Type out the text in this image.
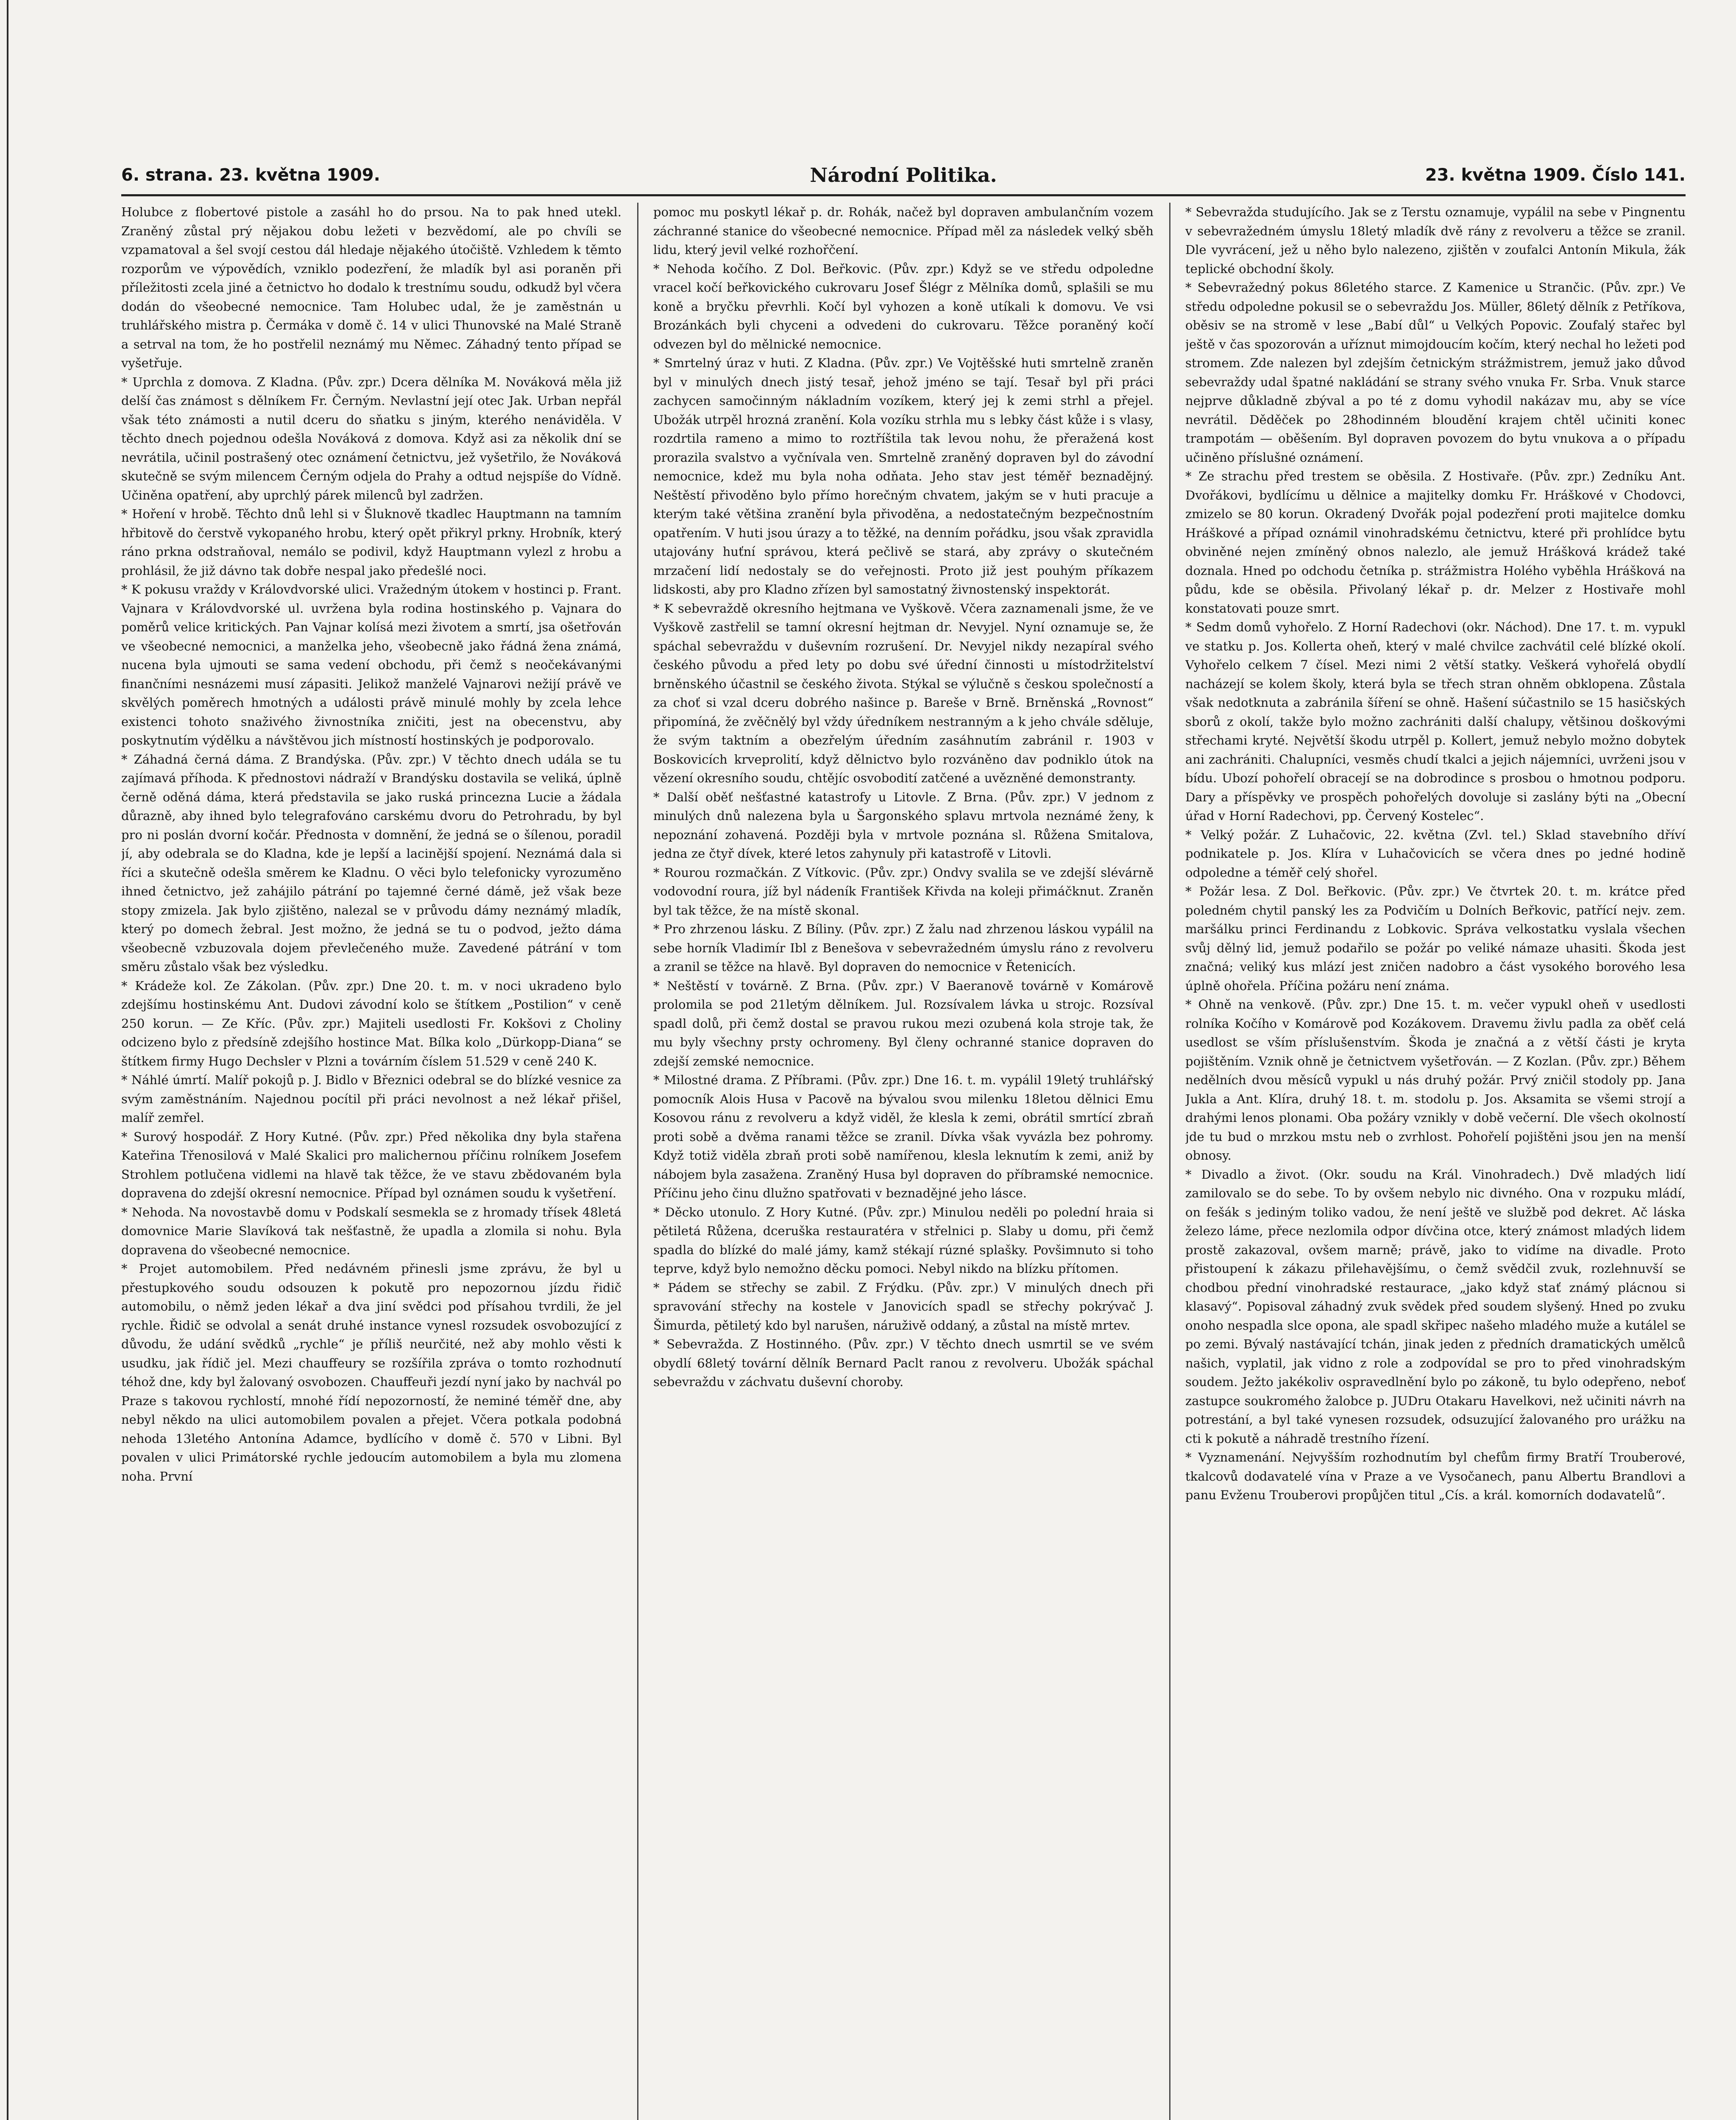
6. strana. 23. května 1909.	Národní Politika.	23. května 1909. Číslo 141.

Holubce z flobertové pistole a zasáhl ho do prsou. Na to pak hned utekl. Zraněný zůstal prý nějakou dobu ležeti v bezvědomí, ale po chvíli se vzpamatoval a šel svojí cestou dál hledaje nějakého útočiště. Vzhledem k těmto rozporům ve výpovědích, vzniklo podezření, že mladík byl asi poraněn při příležitosti zcela jiné a četnictvo ho dodalo k trestnímu soudu, odkudž byl včera dodán do všeobecné nemocnice. Tam Holubec udal, že je zaměstnán u truhlářského mistra p. Čermáka v domě č. 14 v ulici Thunovské na Malé Straně a setrval na tom, že ho postřelil neznámý mu Němec. Záhadný tento případ se vyšetřuje.

* Uprchla z domova. Z Kladna. (Pův. zpr.) Dcera dělníka M. Nováková měla již delší čas známost s dělníkem Fr. Černým. Nevlastní její otec Jak. Urban nepřál však této známosti a nutil dceru do sňatku s jiným, kterého nenáviděla. V těchto dnech pojednou odešla Nováková z domova. Když asi za několik dní se nevrátila, učinil postrašený otec oznámení četnictvu, jež vyšetřilo, že Nováková skutečně se svým milencem Černým odjela do Prahy a odtud nejspíše do Vídně. Učiněna opatření, aby uprchlý párek milenců byl zadržen.

* Hoření v hrobě. Těchto dnů lehl si v Šluknově tkadlec Hauptmann na tamním hřbitově do čerstvě vykopaného hrobu, který opět přikryl prkny. Hrobník, který ráno prkna odstraňoval, nemálo se podivil, když Hauptmann vylezl z hrobu a prohlásil, že již dávno tak dobře nespal jako předešlé noci.

* K pokusu vraždy v Královdvorské ulici. Vražedným útokem v hostinci p. Frant. Vajnara v Královdvorské ul. uvržena byla rodina hostinského p. Vajnara do poměrů velice kritických. Pan Vajnar kolísá mezi životem a smrtí, jsa ošetřován ve všeobecné nemocnici, a manželka jeho, všeobecně jako řádná žena známá, nucena byla ujmouti se sama vedení obchodu, při čemž s neočekávanými finančními nesnázemi musí zápasiti. Jelikož manželé Vajnarovi nežijí právě ve skvělých poměrech hmotných a události právě minulé mohly by zcela lehce existenci tohoto snaživého živnostníka zničiti, jest na obecenstvu, aby poskytnutím výdělku a návštěvou jich místností hostinských je podporovalo.

* Záhadná černá dáma. Z Brandýska. (Pův. zpr.) V těchto dnech udála se tu zajímavá příhoda. K přednostovi nádraží v Brandýsku dostavila se veliká, úplně černě oděná dáma, která představila se jako ruská princezna Lucie a žádala důrazně, aby ihned bylo telegrafováno carskému dvoru do Petrohradu, by byl pro ni poslán dvorní kočár. Přednosta v domnění, že jedná se o šílenou, poradil jí, aby odebrala se do Kladna, kde je lepší a lacinější spojení. Neznámá dala si říci a skutečně odešla směrem ke Kladnu. O věci bylo telefonicky vyrozuměno ihned četnictvo, jež zahájilo pátrání po tajemné černé dámě, jež však beze stopy zmizela. Jak bylo zjištěno, nalezal se v průvodu dámy neznámý mladík, který po domech žebral. Jest možno, že jedná se tu o podvod, ježto dáma všeobecně vzbuzovala dojem převlečeného muže. Zavedené pátrání v tom směru zůstalo však bez výsledku.

* Krádeže kol. Ze Zákolan. (Pův. zpr.) Dne 20. t. m. v noci ukradeno bylo zdejšímu hostinskému Ant. Dudovi závodní kolo se štítkem „Postilion“ v ceně 250 korun. — Ze Kříc. (Pův. zpr.) Majiteli usedlosti Fr. Kokšovi z Choliny odcizeno bylo z předsíně zdejšího hostince Mat. Bílka kolo „Dürkopp-Diana“ se štítkem firmy Hugo Dechsler v Plzni a továrním číslem 51.529 v ceně 240 K.

* Náhlé úmrtí. Malíř pokojů p. J. Bidlo v Březnici odebral se do blízké vesnice za svým zaměstnáním. Najednou pocítil při práci nevolnost a než lékař přišel, malíř zemřel.

* Surový hospodář. Z Hory Kutné. (Pův. zpr.) Před několika dny byla stařena Kateřina Třenosilová v Malé Skalici pro malichernou příčinu rolníkem Josefem Strohlem potlučena vidlemi na hlavě tak těžce, že ve stavu zbědovaném byla dopravena do zdejší okresní nemocnice. Případ byl oznámen soudu k vyšetření.

* Nehoda. Na novostavbě domu v Podskalí sesmekla se z hromady třísek 48letá domovnice Marie Slavíková tak nešťastně, že upadla a zlomila si nohu. Byla dopravena do všeobecné nemocnice.

* Projet automobilem. Před nedávném přinesli jsme zprávu, že byl u přestupkového soudu odsouzen k pokutě pro nepozornou jízdu řidič automobilu, o němž jeden lékař a dva jiní svědci pod přísahou tvrdili, že jel rychle. Řidič se odvolal a senát druhé instance vynesl rozsudek osvobozující z důvodu, že udání svědků „rychle“ je příliš neurčité, než aby mohlo věsti k usudku, jak řídič jel. Mezi chauffeury se rozšířila zpráva o tomto rozhodnutí téhož dne, kdy byl žalovaný osvobozen. Chauffeuři jezdí nyní jako by nachvál po Praze s takovou rychlostí, mnohé řídí nepozorností, že neminé téměř dne, aby nebyl někdo na ulici automobilem povalen a přejet. Včera potkala podobná nehoda 13letého Antonína Adamce, bydlícího v domě č. 570 v Libni. Byl povalen v ulici Primátorské rychle jedoucím automobilem a byla mu zlomena noha. První

pomoc mu poskytl lékař p. dr. Rohák, načež byl dopraven ambulančním vozem záchranné stanice do všeobecné nemocnice. Případ měl za následek velký sběh lidu, který jevil velké rozhořčení.

* Nehoda kočího. Z Dol. Beřkovic. (Pův. zpr.) Když se ve středu odpoledne vracel kočí beřkovického cukrovaru Josef Šlégr z Mělníka domů, splašili se mu koně a bryčku převrhli. Kočí byl vyhozen a koně utíkali k domovu. Ve vsi Brozánkách byli chyceni a odvedeni do cukrovaru. Těžce poraněný kočí odvezen byl do mělnické nemocnice.

* Smrtelný úraz v huti. Z Kladna. (Pův. zpr.) Ve Vojtěšské huti smrtelně zraněn byl v minulých dnech jistý tesař, jehož jméno se tají. Tesař byl při práci zachycen samočinným nákladním vozíkem, který jej k zemi strhl a přejel. Ubožák utrpěl hrozná zranění. Kola vozíku strhla mu s lebky část kůže i s vlasy, rozdrtila rameno a mimo to roztříštila tak levou nohu, že přeražená kost prorazila svalstvo a vyčnívala ven. Smrtelně zraněný dopraven byl do závodní nemocnice, kdež mu byla noha odňata. Jeho stav jest téměř beznadějný. Neštěstí přivoděno bylo přímo horečným chvatem, jakým se v huti pracuje a kterým také většina zranění byla přivoděna, a nedostatečným bezpečnostním opatřením. V huti jsou úrazy a to těžké, na denním pořádku, jsou však zpravidla utajovány huťní správou, která pečlivě se stará, aby zprávy o skutečném mrzačení lidí nedostaly se do veřejnosti. Proto již jest pouhým příkazem lidskosti, aby pro Kladno zřízen byl samostatný živnostenský inspektorát.

* K sebevraždě okresního hejtmana ve Vyškově. Včera zaznamenali jsme, že ve Vyškově zastřelil se tamní okresní hejtman dr. Nevyjel. Nyní oznamuje se, že spáchal sebevraždu v duševním rozrušení. Dr. Nevyjel nikdy nezapíral svého českého původu a před lety po dobu své úřední činnosti u místodržitelství brněnského účastnil se českého života. Stýkal se výlučně s českou společností a za choť si vzal dceru dobrého našince p. Bareše v Brně. Brněnská „Rovnost“ připomíná, že zvěčnělý byl vždy úředníkem nestranným a k jeho chvále sděluje, že svým taktním a obezřelým úředním zasáhnutím zabránil r. 1903 v Boskovicích krveprolití, když dělnictvo bylo rozváněno dav podniklo útok na vězení okresního soudu, chtějíc osvobodití zatčené a uvězněné demonstranty.

* Další oběť nešťastné katastrofy u Litovle. Z Brna. (Pův. zpr.) V jednom z minulých dnů nalezena byla u Šargonského splavu mrtvola neznámé ženy, k nepoznání zohavená. Později byla v mrtvole poznána sl. Růžena Smitalova, jedna ze čtyř dívek, které letos zahynuly při katastrofě v Litovli.

* Rourou rozmačkán. Z Vítkovic. (Pův. zpr.) Ondvy svalila se ve zdejší slévárně vodovodní roura, jíž byl nádeník František Křivda na koleji přimáčknut. Zraněn byl tak těžce, že na místě skonal.

* Pro zhrzenou lásku. Z Bíliny. (Pův. zpr.) Z žalu nad zhrzenou láskou vypálil na sebe horník Vladimír Ibl z Benešova v sebevražedném úmyslu ráno z revolveru a zranil se těžce na hlavě. Byl dopraven do nemocnice v Řetenicích.

* Neštěstí v továrně. Z Brna. (Pův. zpr.) V Baeranově továrně v Komárově prolomila se pod 21letým dělníkem. Jul. Rozsívalem lávka u strojc. Rozsíval spadl dolů, při čemž dostal se pravou rukou mezi ozubená kola stroje tak, že mu byly všechny prsty ochromeny. Byl členy ochranné stanice dopraven do zdejší zemské nemocnice.

* Milostné drama. Z Příbrami. (Pův. zpr.) Dne 16. t. m. vypálil 19letý truhlářský pomocník Alois Husa v Pacově na bývalou svou milenku 18letou dělnici Emu Kosovou ránu z revolveru a když viděl, že klesla k zemi, obrátil smrtící zbraň proti sobě a dvěma ranami těžce se zranil. Dívka však vyvázla bez pohromy. Když totiž viděla zbraň proti sobě namířenou, klesla leknutím k zemi, aniž by nábojem byla zasažena. Zraněný Husa byl dopraven do příbramské nemocnice. Příčinu jeho činu dlužno spatřovati v beznadějné jeho lásce.

* Děcko utonulo. Z Hory Kutné. (Pův. zpr.) Minulou neděli po polední hraia si pětiletá Růžena, dceruška restauratéra v střelnici p. Slaby u domu, při čemž spadla do blízké do malé jámy, kamž stékají rúzné splašky. Povšimnuto si toho teprve, když bylo nemožno děcku pomoci. Nebyl nikdo na blízku přítomen.

* Pádem se střechy se zabil. Z Frýdku. (Pův. zpr.) V minulých dnech při spravování střechy na kostele v Janovicích spadl se střechy pokrývač J. Šimurda, pětiletý kdo byl narušen, náruživě oddaný, a zůstal na místě mrtev.

* Sebevražda. Z Hostinného. (Pův. zpr.) V těchto dnech usmrtil se ve svém obydlí 68letý tovární dělník Bernard Paclt ranou z revolveru. Ubožák spáchal sebevraždu v záchvatu duševní choroby.

* Sebevražda studujícího. Jak se z Terstu oznamuje, vypálil na sebe v Pingnentu v sebevražedném úmyslu 18letý mladík dvě rány z revolveru a těžce se zranil. Dle vyvrácení, jež u něho bylo nalezeno, zjištěn v zoufalci Antonín Mikula, žák teplické obchodní školy.

* Sebevražedný pokus 86letého starce. Z Kamenice u Strančic. (Pův. zpr.) Ve středu odpoledne pokusil se o sebevraždu Jos. Müller, 86letý dělník z Petříkova, oběsiv se na stromě v lese „Babí důl“ u Velkých Popovic. Zoufalý stařec byl ještě v čas spozorován a uříznut mimojdoucím kočím, který nechal ho ležeti pod stromem. Zde nalezen byl zdejším četnickým strážmistrem, jemuž jako důvod sebevraždy udal špatné nakládání se strany svého vnuka Fr. Srba. Vnuk starce nejprve důkladně zbýval a po té z domu vyhodil nakázav mu, aby se více nevrátil. Děděček po 28hodinném bloudění krajem chtěl učiniti konec trampotám — oběšením. Byl dopraven povozem do bytu vnukova a o případu učiněno příslušné oznámení.

* Ze strachu před trestem se oběsila. Z Hostivaře. (Pův. zpr.) Zedníku Ant. Dvořákovi, bydlícímu u dělnice a majitelky domku Fr. Hráškové v Chodovci, zmizelo se 80 korun. Okradený Dvořák pojal podezření proti majitelce domku Hráškové a případ oznámil vinohradskému četnictvu, které při prohlídce bytu obviněné nejen zmíněný obnos nalezlo, ale jemuž Hrášková krádež také doznala. Hned po odchodu četníka p. strážmistra Holého vyběhla Hrášková na půdu, kde se oběsila. Přivolaný lékař p. dr. Melzer z Hostivaře mohl konstatovati pouze smrt.

* Sedm domů vyhořelo. Z Horní Radechovi (okr. Náchod). Dne 17. t. m. vypukl ve statku p. Jos. Kollerta oheň, který v malé chvilce zachvátil celé blízké okolí. Vyhořelo celkem 7 čísel. Mezi nimi 2 větší statky. Veškerá vyhořelá obydlí nacházejí se kolem školy, která byla se třech stran ohněm obklopena. Zůstala však nedotknuta a zabránila šíření se ohně. Hašení súčastnilo se 15 hasičských sborů z okolí, takže bylo možno zachrániti další chalupy, většinou doškovými střechami kryté. Největší škodu utrpěl p. Kollert, jemuž nebylo možno dobytek ani zachrániti. Chalupníci, vesměs chudí tkalci a jejich nájemníci, uvrženi jsou v bídu. Ubozí pohořelí obracejí se na dobrodince s prosbou o hmotnou podporu. Dary a příspěvky ve prospěch pohořelých dovoluje si zaslány býti na „Obecní úřad v Horní Radechovi, pp. Červený Kostelec“.

* Velký požár. Z Luhačovic, 22. května (Zvl. tel.) Sklad stavebního dříví podnikatele p. Jos. Klíra v Luhačovicích se včera dnes po jedné hodině odpoledne a téměř celý shořel.

* Požár lesa. Z Dol. Beřkovic. (Pův. zpr.) Ve čtvrtek 20. t. m. krátce před poledném chytil panský les za Podvičím u Dolních Beřkovic, patřící nejv. zem. maršálku princi Ferdinandu z Lobkovic. Správa velkostatku vyslala všechen svůj dělný lid, jemuž podařilo se požár po veliké námaze uhasiti. Škoda jest značná; veliký kus mlází jest zničen nadobro a část vysokého borového lesa úplně ohořela. Příčina požáru není známa.

* Ohně na venkově. (Pův. zpr.) Dne 15. t. m. večer vypukl oheň v usedlosti rolníka Kočího v Komárově pod Kozákovem. Dravemu živlu padla za oběť celá usedlost se vším příslušenstvím. Škoda je značná a z větší části je kryta pojištěním. Vznik ohně je četnictvem vyšetřován. — Z Kozlan. (Pův. zpr.) Během nedělních dvou měsíců vypukl u nás druhý požár. Prvý zničil stodoly pp. Jana Jukla a Ant. Klíra, druhý 18. t. m. stodolu p. Jos. Aksamita se všemi strojí a drahými lenos plonami. Oba požáry vznikly v době večerní. Dle všech okolností jde tu bud o mrzkou mstu neb o zvrhlost. Pohořelí pojištěni jsou jen na menší obnosy.

* Divadlo a život. (Okr. soudu na Král. Vinohradech.) Dvě mladých lidí zamilovalo se do sebe. To by ovšem nebylo nic divného. Ona v rozpuku mládí, on fešák s jediným toliko vadou, že není ještě ve službě pod dekret. Ač láska železo láme, přece nezlomila odpor dívčina otce, který známost mladých lidem prostě zakazoval, ovšem marně; právě, jako to vidíme na divadle. Proto přistoupení k zákazu přilehavějšímu, o čemž svědčil zvuk, rozlehnuvší se chodbou přední vinohradské restaurace, „jako když stať známý plácnou si klasavý“. Popisoval záhadný zvuk svědek před soudem slyšený. Hned po zvuku onoho nespadla slce opona, ale spadl skřipec našeho mladého muže a kutálel se po zemi. Bývalý nastávající tchán, jinak jeden z předních dramatických umělců našich, vyplatil, jak vidno z role a zodpovídal se pro to před vinohradským soudem. Ježto jakékoliv ospravedlnění bylo po zákoně, tu bylo odepřeno, neboť zastupce soukromého žalobce p. JUDru Otakaru Havelkovi, než učiniti návrh na potrestání, a byl také vynesen rozsudek, odsuzující žalovaného pro urážku na cti k pokutě a náhradě trestního řízení.

* Vyznamenání. Nejvyšším rozhodnutím byl chefům firmy Bratří Trouberové, tkalcovů dodavatelé vína v Praze a ve Vysočanech, panu Albertu Brandlovi a panu Evženu Trouberovi propůjčen titul „Cís. a král. komorních dodavatelů“.
